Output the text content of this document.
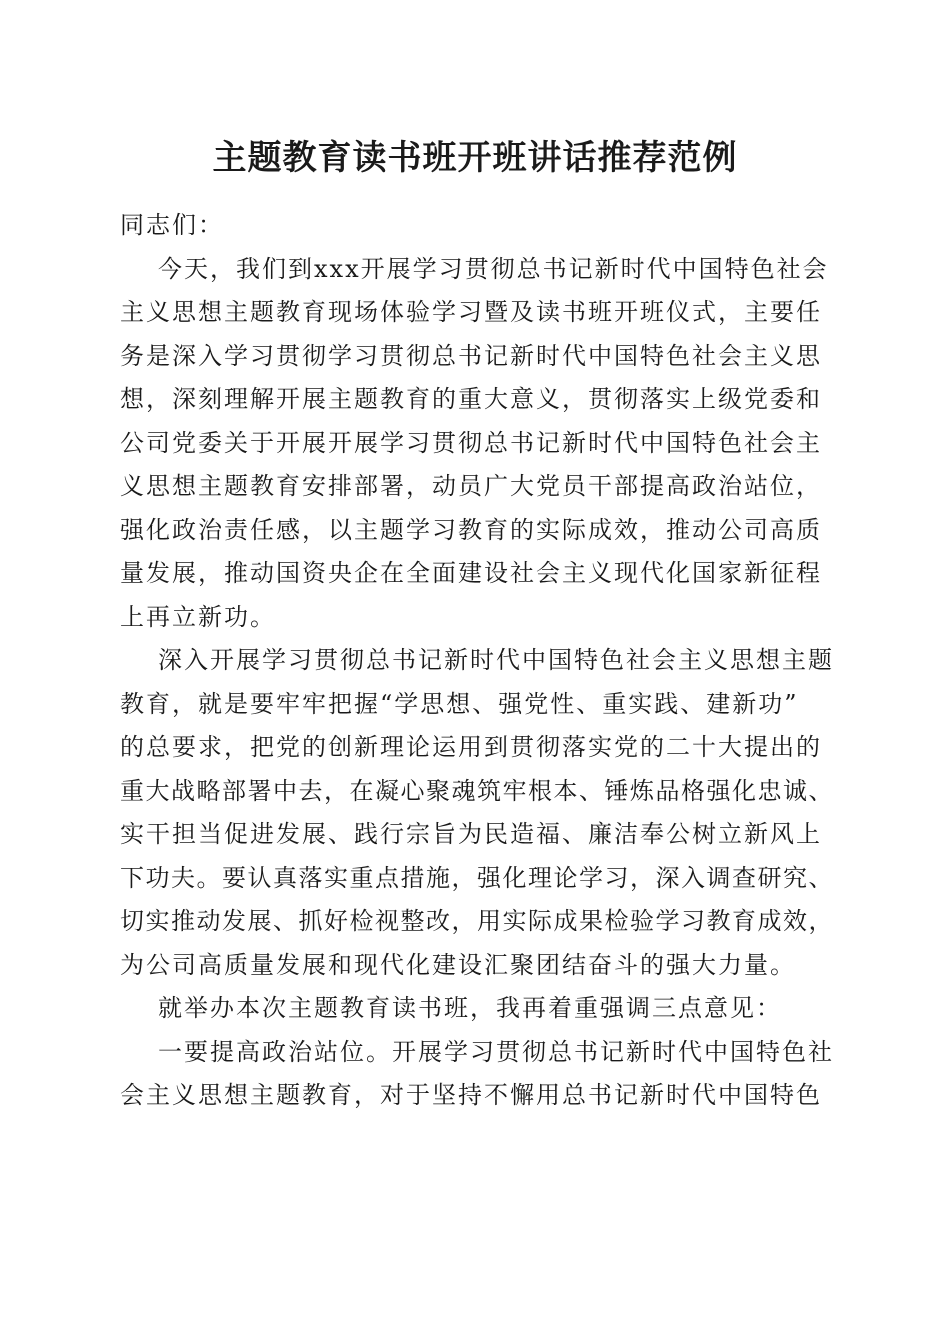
主题教育读书班开班讲话推荐范例
同志们：
今天，我们到xxx开展学习贯彻总书记新时代中国特色社会
主义思想主题教育现场体验学习暨及读书班开班仪式，主要任
务是深入学习贯彻学习贯彻总书记新时代中国特色社会主义思
想，深刻理解开展主题教育的重大意义，贯彻落实上级党委和
公司党委关于开展开展学习贯彻总书记新时代中国特色社会主
义思想主题教育安排部署，动员广大党员干部提高政治站位，
强化政治责任感，以主题学习教育的实际成效，推动公司高质
量发展，推动国资央企在全面建设社会主义现代化国家新征程
上再立新功。
深入开展学习贯彻总书记新时代中国特色社会主义思想主题
教育，就是要牢牢把握“学思想、强党性、重实践、建新功”
的总要求，把党的创新理论运用到贯彻落实党的二十大提出的
重大战略部署中去，在凝心聚魂筑牢根本、锤炼品格强化忠诚、
实干担当促进发展、践行宗旨为民造福、廉洁奉公树立新风上
下功夫。要认真落实重点措施，强化理论学习，深入调查研究、
切实推动发展、抓好检视整改，用实际成果检验学习教育成效，
为公司高质量发展和现代化建设汇聚团结奋斗的强大力量。
就举办本次主题教育读书班，我再着重强调三点意见：
一要提高政治站位。开展学习贯彻总书记新时代中国特色社
会主义思想主题教育，对于坚持不懈用总书记新时代中国特色
